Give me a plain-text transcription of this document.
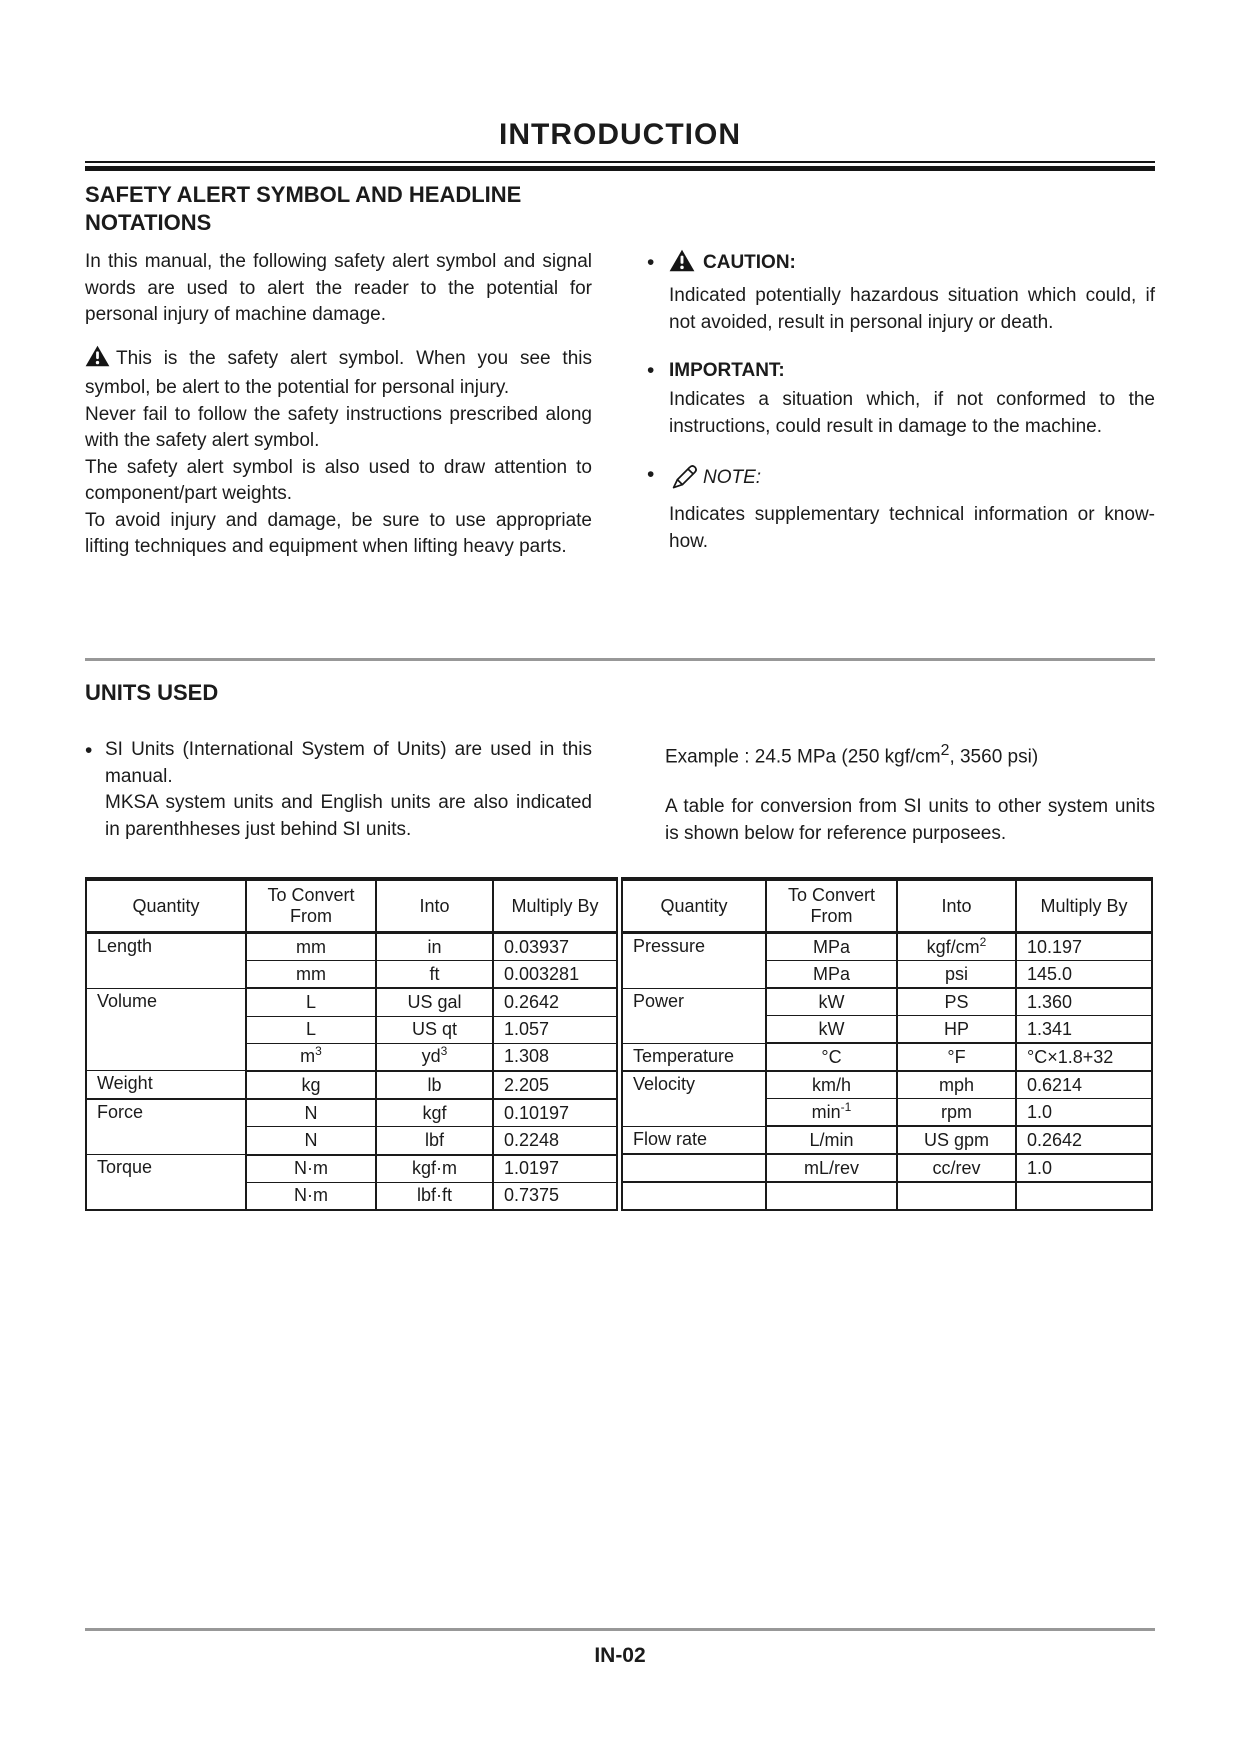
INTRODUCTION
SAFETY ALERT SYMBOL AND HEADLINE NOTATIONS
In this manual, the following safety alert symbol and signal words are used to alert the reader to the potential for personal injury of machine damage.
This is the safety alert symbol. When you see this symbol, be alert to the potential for personal injury.
Never fail to follow the safety instructions prescribed along with the safety alert symbol.
The safety alert symbol is also used to draw attention to component/part weights.
To avoid injury and damage, be sure to use appropriate lifting techniques and equipment when lifting heavy parts.
•	CAUTION:
Indicated potentially hazardous situation which could, if not avoided, result in personal injury or death.
• IMPORTANT:
Indicates a situation which, if not conformed to the instructions, could result in damage to the machine.
•	NOTE:
Indicates supplementary technical information or know-how.
UNITS USED
• SI Units (International System of Units) are used in this manual.
MKSA system units and English units are also indicated in parenthheses just behind SI units.
Example : 24.5 MPa (250 kgf/$cm^2$, 3560 psi)
A table for conversion from SI units to other system units is shown below for reference purposees.
Quantity	To Convert From	Into	Multiply By
Length	mm	in	0.03937
	mm	ft	0.003281
Volume	L	US gal	0.2642
	L	US qt	1.057
	$m^3$	$yd^3$	1.308
Weight	kg	lb	2.205
Force	N	kgf	0.10197
	N	lbf	0.2248
Torque	N·m	kgf·m	1.0197
	N·m	lbf·ft	0.7375
Quantity	To Convert From	Into	Multiply By
Pressure	MPa	kgf/$cm^2$	10.197
	MPa	psi	145.0
Power	kW	PS	1.360
	kW	HP	1.341
Temperature	°C	°F	°C×1.8+32
Velocity	km/h	mph	0.6214
	$\min^{-1}$	rpm	1.0
Flow rate	L/min	US gpm	0.2642
	mL/rev	cc/rev	1.0

IN-02
